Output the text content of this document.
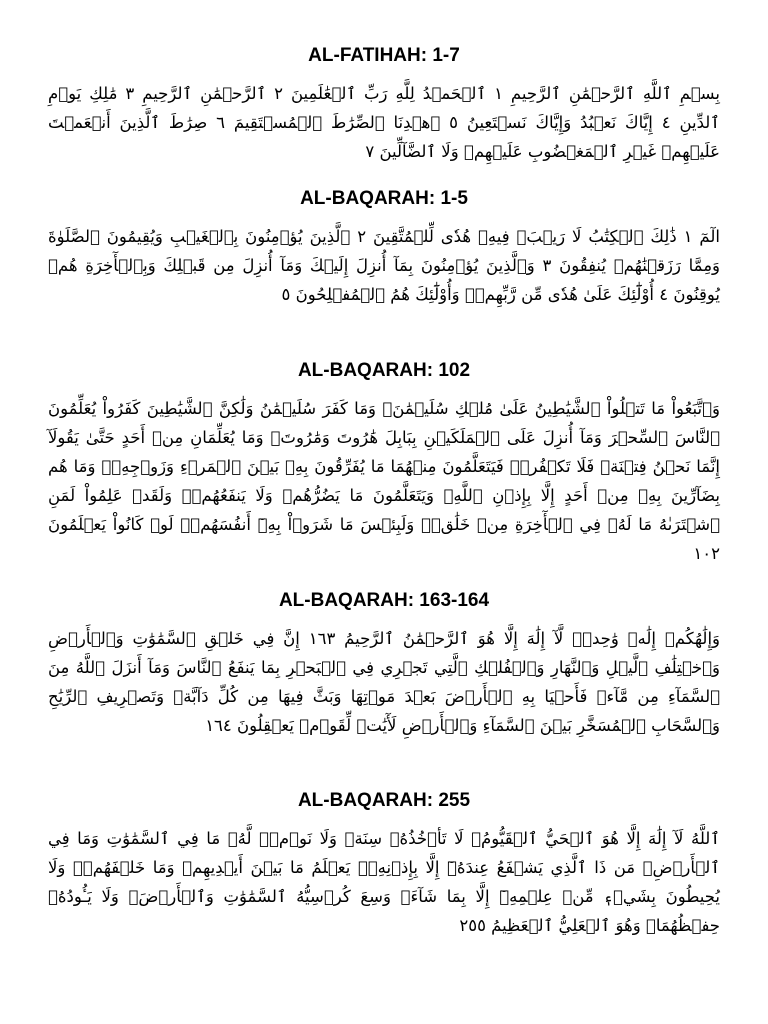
AL-FATIHAH: 1-7

بِسۡمِ ٱللَّهِ ٱلرَّحۡمَٰنِ ٱلرَّحِيمِ ١ ٱلۡحَمۡدُ لِلَّهِ رَبِّ ٱلۡعَٰلَمِينَ ٢ ٱلرَّحۡمَٰنِ ٱلرَّحِيمِ ٣ مَٰلِكِ يَوۡمِ ٱلدِّينِ ٤ إِيَّاكَ نَعۡبُدُ وَإِيَّاكَ نَسۡتَعِينُ ٥ ٱهۡدِنَا ٱلصِّرَٰطَ ٱلۡمُسۡتَقِيمَ ٦ صِرَٰطَ ٱلَّذِينَ أَنۡعَمۡتَ عَلَيۡهِمۡ غَيۡرِ ٱلۡمَغۡضُوبِ عَلَيۡهِمۡ وَلَا ٱلضَّآلِّينَ ٧

AL-BAQARAH: 1-5

الٓمٓ ١ ذَٰلِكَ ٱلۡكِتَٰبُ لَا رَيۡبَۛ فِيهِۛ هُدٗى لِّلۡمُتَّقِينَ ٢ ٱلَّذِينَ يُؤۡمِنُونَ بِٱلۡغَيۡبِ وَيُقِيمُونَ ٱلصَّلَوٰةَ وَمِمَّا رَزَقۡنَٰهُمۡ يُنفِقُونَ ٣ وَٱلَّذِينَ يُؤۡمِنُونَ بِمَآ أُنزِلَ إِلَيۡكَ وَمَآ أُنزِلَ مِن قَبۡلِكَ وَبِٱلۡأٓخِرَةِ هُمۡ يُوقِنُونَ ٤ أُوْلَٰٓئِكَ عَلَىٰ هُدٗى مِّن رَّبِّهِمۡۖ وَأُوْلَٰٓئِكَ هُمُ ٱلۡمُفۡلِحُونَ ٥

AL-BAQARAH: 102

وَٱتَّبَعُواْ مَا تَتۡلُواْ ٱلشَّيَٰطِينُ عَلَىٰ مُلۡكِ سُلَيۡمَٰنَۖ وَمَا كَفَرَ سُلَيۡمَٰنُ وَلَٰكِنَّ ٱلشَّيَٰطِينَ كَفَرُواْ يُعَلِّمُونَ ٱلنَّاسَ ٱلسِّحۡرَ وَمَآ أُنزِلَ عَلَى ٱلۡمَلَكَيۡنِ بِبَابِلَ هَٰرُوتَ وَمَٰرُوتَۚ وَمَا يُعَلِّمَانِ مِنۡ أَحَدٍ حَتَّىٰ يَقُولَآ إِنَّمَا نَحۡنُ فِتۡنَةٞ فَلَا تَكۡفُرۡۖ فَيَتَعَلَّمُونَ مِنۡهُمَا مَا يُفَرِّقُونَ بِهِۦ بَيۡنَ ٱلۡمَرۡءِ وَزَوۡجِهِۦۚ وَمَا هُم بِضَآرِّينَ بِهِۦ مِنۡ أَحَدٍ إِلَّا بِإِذۡنِ ٱللَّهِۚ وَيَتَعَلَّمُونَ مَا يَضُرُّهُمۡ وَلَا يَنفَعُهُمۡۚ وَلَقَدۡ عَلِمُواْ لَمَنِ ٱشۡتَرَىٰهُ مَا لَهُۥ فِي ٱلۡأٓخِرَةِ مِنۡ خَلَٰقٖۚ وَلَبِئۡسَ مَا شَرَوۡاْ بِهِۦٓ أَنفُسَهُمۡۚ لَوۡ كَانُواْ يَعۡلَمُونَ ١٠٢

AL-BAQARAH: 163-164

وَإِلَٰهُكُمۡ إِلَٰهٞ وَٰحِدٞۖ لَّآ إِلَٰهَ إِلَّا هُوَ ٱلرَّحۡمَٰنُ ٱلرَّحِيمُ ١٦٣ إِنَّ فِي خَلۡقِ ٱلسَّمَٰوَٰتِ وَٱلۡأَرۡضِ وَٱخۡتِلَٰفِ ٱلَّيۡلِ وَٱلنَّهَارِ وَٱلۡفُلۡكِ ٱلَّتِي تَجۡرِي فِي ٱلۡبَحۡرِ بِمَا يَنفَعُ ٱلنَّاسَ وَمَآ أَنزَلَ ٱللَّهُ مِنَ ٱلسَّمَآءِ مِن مَّآءٖ فَأَحۡيَا بِهِ ٱلۡأَرۡضَ بَعۡدَ مَوۡتِهَا وَبَثَّ فِيهَا مِن كُلِّ دَآبَّةٖ وَتَصۡرِيفِ ٱلرِّيَٰحِ وَٱلسَّحَابِ ٱلۡمُسَخَّرِ بَيۡنَ ٱلسَّمَآءِ وَٱلۡأَرۡضِ لَأٓيَٰتٖ لِّقَوۡمٖ يَعۡقِلُونَ ١٦٤

AL-BAQARAH: 255

ٱللَّهُ لَآ إِلَٰهَ إِلَّا هُوَ ٱلۡحَيُّ ٱلۡقَيُّومُۚ لَا تَأۡخُذُهُۥ سِنَةٞ وَلَا نَوۡمٞۚ لَّهُۥ مَا فِي ٱلسَّمَٰوَٰتِ وَمَا فِي ٱلۡأَرۡضِۗ مَن ذَا ٱلَّذِي يَشۡفَعُ عِندَهُۥٓ إِلَّا بِإِذۡنِهِۦۚ يَعۡلَمُ مَا بَيۡنَ أَيۡدِيهِمۡ وَمَا خَلۡفَهُمۡۖ وَلَا يُحِيطُونَ بِشَيۡءٖ مِّنۡ عِلۡمِهِۦٓ إِلَّا بِمَا شَآءَۚ وَسِعَ كُرۡسِيُّهُ ٱلسَّمَٰوَٰتِ وَٱلۡأَرۡضَۖ وَلَا يَـُٔودُهُۥ حِفۡظُهُمَاۚ وَهُوَ ٱلۡعَلِيُّ ٱلۡعَظِيمُ ٢٥٥
